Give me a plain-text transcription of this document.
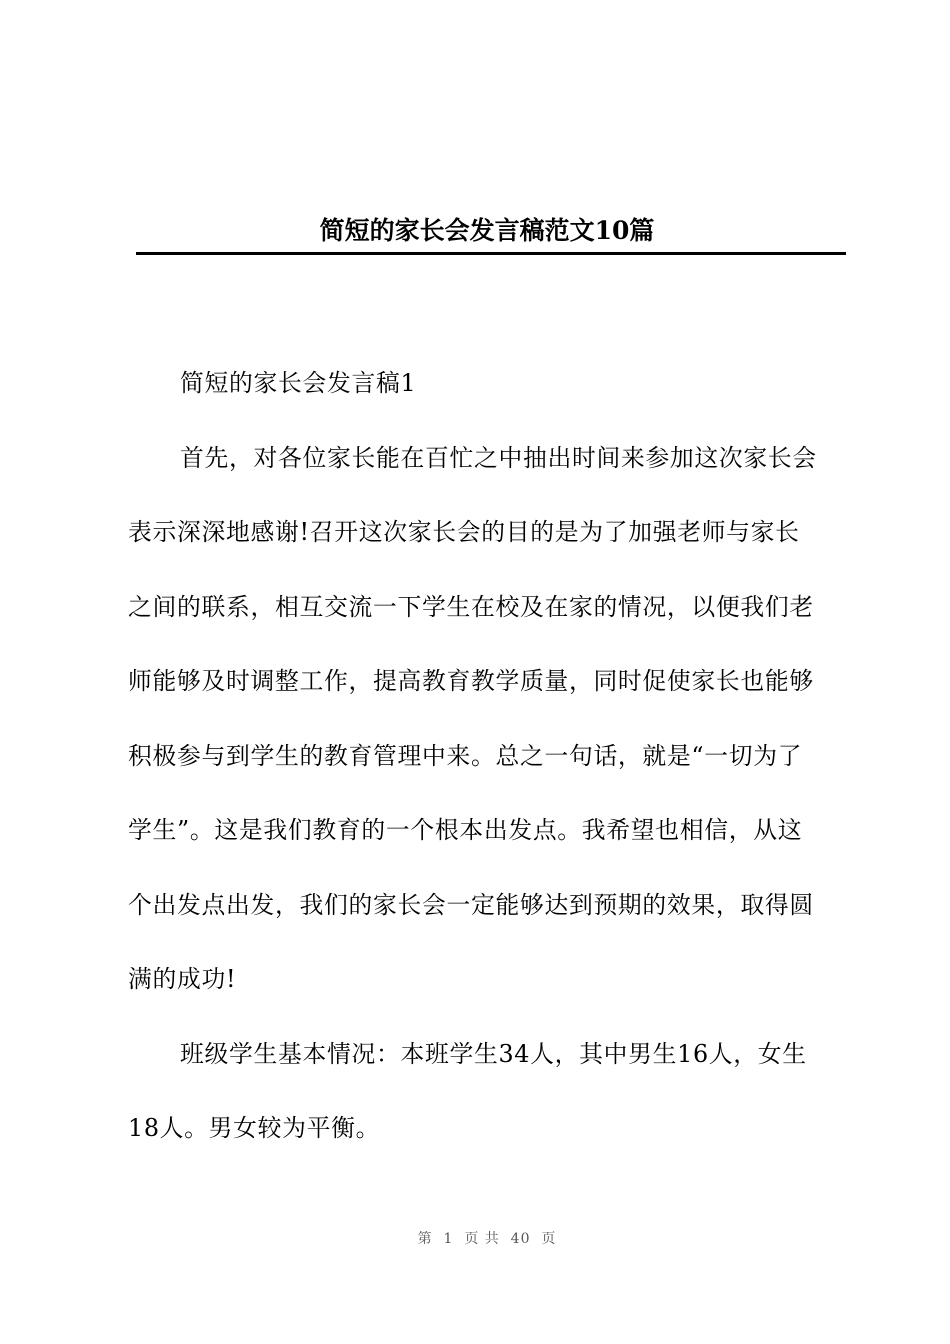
简短的家长会发言稿范文10篇
简短的家长会发言稿1
首先，对各位家长能在百忙之中抽出时间来参加这次家长会
表示深深地感谢!召开这次家长会的目的是为了加强老师与家长
之间的联系，相互交流一下学生在校及在家的情况，以便我们老
师能够及时调整工作，提高教育教学质量，同时促使家长也能够
积极参与到学生的教育管理中来。总之一句话，就是“一切为了
学生”。这是我们教育的一个根本出发点。我希望也相信，从这
个出发点出发，我们的家长会一定能够达到预期的效果，取得圆
满的成功!
班级学生基本情况：本班学生34人，其中男生16人，女生
18人。男女较为平衡。
第  1  页 共  40  页
